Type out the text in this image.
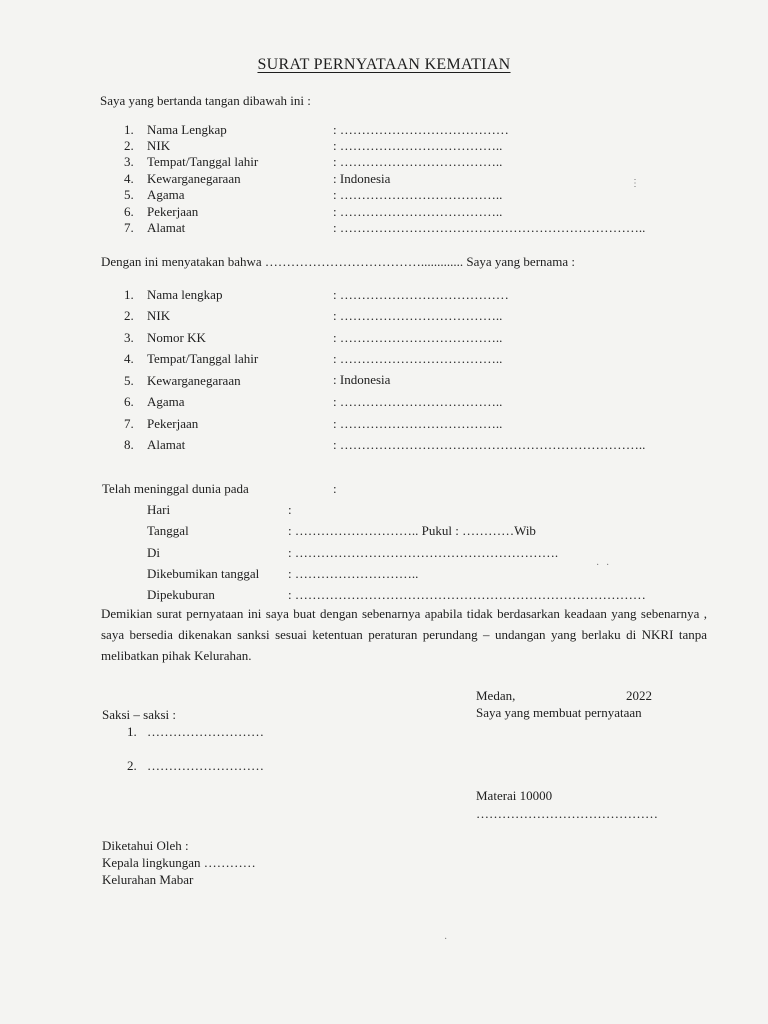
SURAT PERNYATAAN KEMATIAN
Saya yang bertanda tangan dibawah ini :
1. Nama Lengkap	: …………………………………
2. NIK	: ………………………………..
3. Tempat/Tanggal lahir	: ………………………………..
4. Kewarganegaraan	: Indonesia
5. Agama	: ………………………………..
6. Pekerjaan	: ………………………………..
7. Alamat	: ……………………………………………………………..
Dengan ini menyatakan bahwa ………………………………............. Saya yang bernama :
1. Nama lengkap	: …………………………………
2. NIK	: ………………………………..
3. Nomor KK	: ………………………………..
4. Tempat/Tanggal lahir	: ………………………………..
5. Kewarganegaraan	: Indonesia
6. Agama	: ………………………………..
7. Pekerjaan	: ………………………………..
8. Alamat	: ……………………………………………………………..
Telah meninggal dunia pada	:
Hari	:
Tanggal	: ……………………….. Pukul : …………Wib
Di	: …………………………………………………….
Dikebumikan tanggal : ………………………..
Dipekuburan	: ………………………………………………………………………
Demikian surat pernyataan ini saya buat dengan sebenarnya apabila tidak berdasarkan keadaan yang sebenarnya , saya bersedia dikenakan sanksi sesuai ketentuan peraturan perundang – undangan yang berlaku di NKRI tanpa melibatkan pihak Kelurahan.
Medan,	2022
Saya yang membuat pernyataan
Saksi – saksi :
1. ………………………
2. ………………………
Materai 10000
……………………………………
Diketahui Oleh :
Kepala lingkungan …………
Kelurahan Mabar
⋮
· ·
·
